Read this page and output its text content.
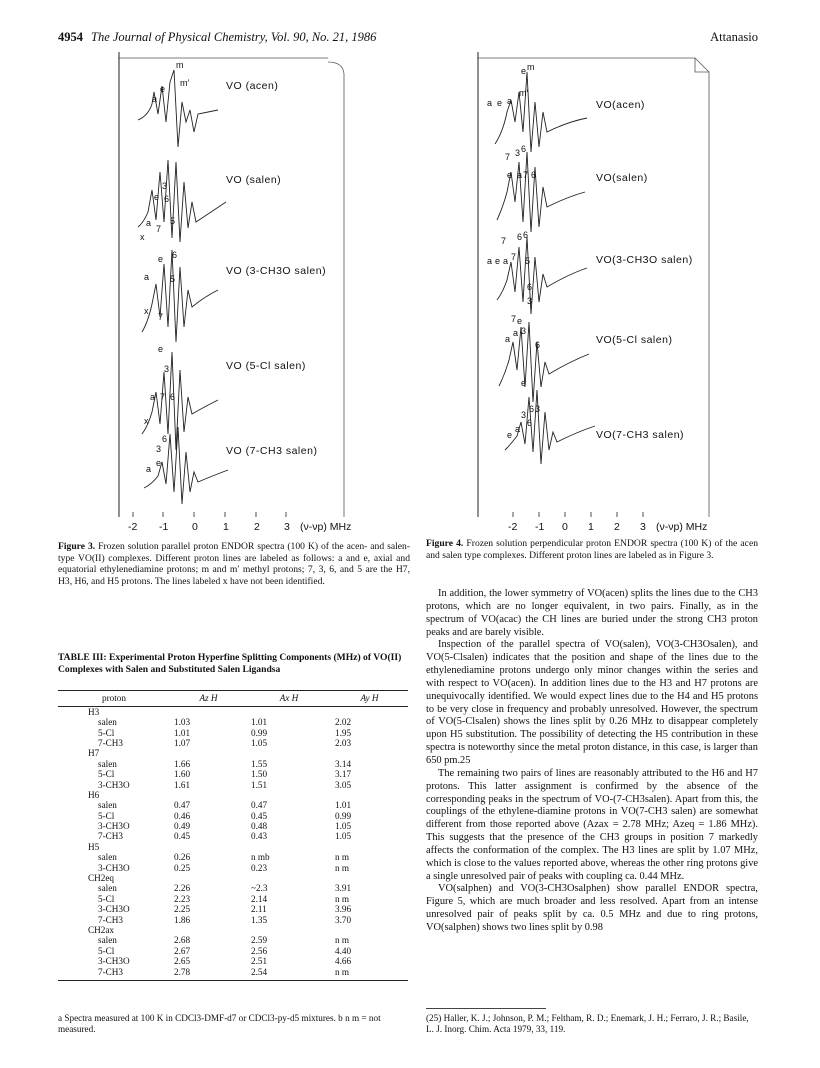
4954 The Journal of Physical Chemistry, Vol. 90, No. 21, 1986	Attanasio
a
e
m
m′
e
3
6
a
7
5
x
e
a
6
5
x
7
e
3
a 7 6
x
6
3
a
e
VO (acen)
VO (salen)
VO (3-CH3O salen)
VO (5-Cl salen)
VO (7-CH3 salen)
-2 -1 0 1 2 3 (ν-νp) MHz
Figure 3. Frozen solution parallel proton ENDOR spectra (100 K) of the acen- and salen-type VO(II) complexes. Different proton lines are labeled as follows: a and e, axial and equatorial ethylenediamine protons; m and m′ methyl protons; 7, 3, 6, and 5 are the H7, H3, H6, and H5 protons. The lines labeled x have not been identified.
TABLE III: Experimental Proton Hyperfine Splitting Components (MHz) of VO(II) Complexes with Salen and Substituted Salen Ligandsa
proton	Az H	Ax H	Ay H
H3			
salen	1.03	1.01	2.02
5-Cl	1.01	0.99	1.95
7-CH3	1.07	1.05	2.03
H7			
salen	1.66	1.55	3.14
5-Cl	1.60	1.50	3.17
3-CH3O	1.61	1.51	3.05
H6			
salen	0.47	0.47	1.01
5-Cl	0.46	0.45	0.99
3-CH3O	0.49	0.48	1.05
7-CH3	0.45	0.43	1.05
H5			
salen	0.26	n mb	n m
3-CH3O	0.25	0.23	n m
CH2eq			
salen	2.26	~2.3	3.91
5-Cl	2.23	2.14	n m
3-CH3O	2.25	2.11	3.96
7-CH3	1.86	1.35	3.70
CH2ax			
salen	2.68	2.59	n m
5-Cl	2.67	2.56	4.40
3-CH3O	2.65	2.51	4.66
7-CH3	2.78	2.54	n m
a Spectra measured at 100 K in CDCl3-DMF-d7 or CDCl3-py-d5 mixtures. b n m = not measured.
e m
a e a
m′
7 3 6
e a 7 6
7 6 6
a e a 7 5
6
3
7 e
a 3
a
6
e
3
6 3
6
a
e
VO(acen)
VO(salen)
VO(3-CH3O salen)
VO(5-Cl salen)
VO(7-CH3 salen)
-2 -1 0 1 2 3 (ν-νp) MHz
Figure 4. Frozen solution perpendicular proton ENDOR spectra (100 K) of the acen and salen type complexes. Different proton lines are labeled as in Figure 3.

In addition, the lower symmetry of VO(acen) splits the lines due to the CH3 protons, which are no longer equivalent, in two pairs. Finally, as in the spectrum of VO(acac) the CH lines are buried under the strong CH3 proton peaks and are barely visible.

Inspection of the parallel spectra of VO(salen), VO(3-CH3Osalen), and VO(5-Clsalen) indicates that the position and shape of the lines due to the ethylenediamine protons undergo only minor changes within the series and with respect to VO(acen). In addition lines due to the H3 and H7 protons are unequivocally identified. We would expect lines due to the H4 and H5 protons to be very close in frequency and probably unresolved. However, the spectrum of VO(5-Clsalen) shows the lines split by 0.26 MHz to disappear completely upon H5 substitution. The possibility of detecting the H5 contribution in these spectra is noteworthy since the metal proton distance, in this case, is larger than 650 pm.25

The remaining two pairs of lines are reasonably attributed to the H6 and H7 protons. This latter assignment is confirmed by the absence of the corresponding peaks in the spectrum of VO-(7-CH3salen). Apart from this, the couplings of the ethylene-diamine protons in VO(7-CH3 salen) are somewhat different from those reported above (Azax = 2.78 MHz; Azeq = 1.86 MHz). This suggests that the presence of the CH3 groups in position 7 markedly affects the conformation of the complex. The H3 lines are split by 1.07 MHz, which is close to the values reported above, whereas the other ring protons give a single unresolved pair of peaks with coupling ca. 0.44 MHz.

VO(salphen) and VO(3-CH3Osalphen) show parallel ENDOR spectra, Figure 5, which are much broader and less resolved. Apart from an intense unresolved pair of peaks split by ca. 0.5 MHz and due to ring protons, VO(salphen) shows two lines split by 0.98

(25) Haller, K. J.; Johnson, P. M.; Feltham, R. D.; Enemark, J. H.; Ferraro, J. R.; Basile, L. J. Inorg. Chim. Acta 1979, 33, 119.
